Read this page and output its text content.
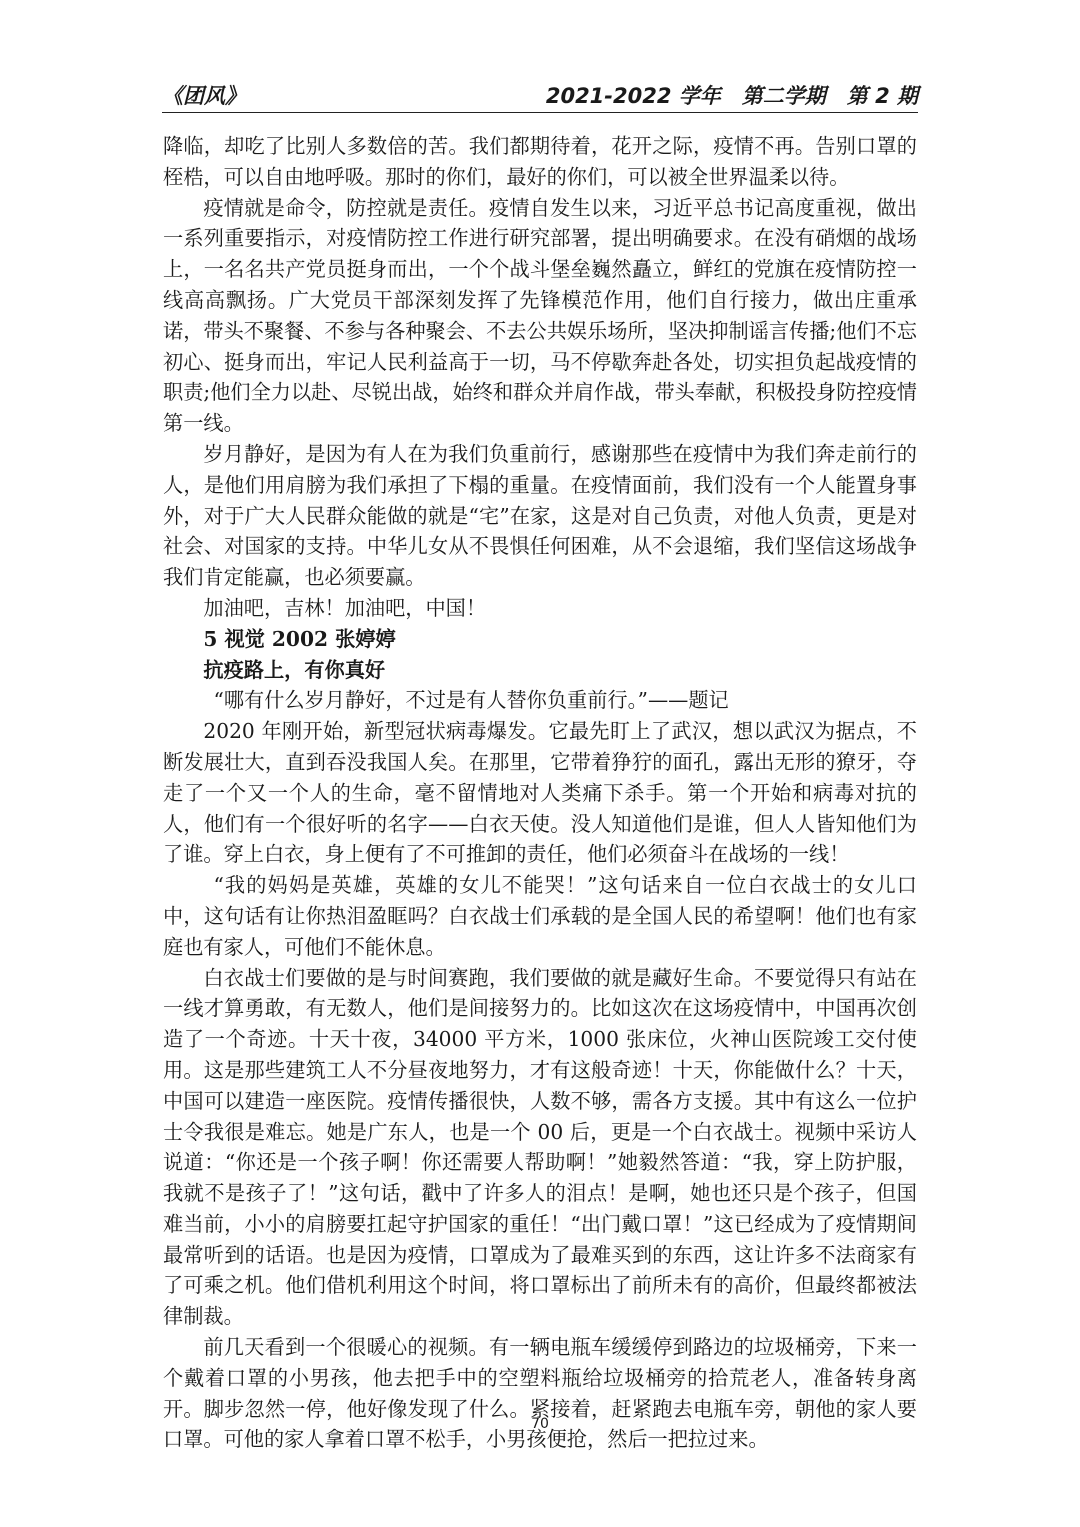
《团风》	2021-2022 学年　第二学期　第 2 期

降临，却吃了比别人多数倍的苦。我们都期待着，花开之际，疫情不再。告别口罩的桎梏，可以自由地呼吸。那时的你们，最好的你们，可以被全世界温柔以待。

疫情就是命令，防控就是责任。疫情自发生以来，习近平总书记高度重视，做出一系列重要指示，对疫情防控工作进行研究部署，提出明确要求。在没有硝烟的战场上，一名名共产党员挺身而出，一个个战斗堡垒巍然矗立，鲜红的党旗在疫情防控一线高高飘扬。广大党员干部深刻发挥了先锋模范作用，他们自行接力，做出庄重承诺，带头不聚餐、不参与各种聚会、不去公共娱乐场所，坚决抑制谣言传播;他们不忘初心、挺身而出，牢记人民利益高于一切，马不停歇奔赴各处，切实担负起战疫情的职责;他们全力以赴、尽锐出战，始终和群众并肩作战，带头奉献，积极投身防控疫情第一线。

岁月静好，是因为有人在为我们负重前行，感谢那些在疫情中为我们奔走前行的人，是他们用肩膀为我们承担了下榻的重量。在疫情面前，我们没有一个人能置身事外，对于广大人民群众能做的就是“宅”在家，这是对自己负责，对他人负责，更是对社会、对国家的支持。中华儿女从不畏惧任何困难，从不会退缩，我们坚信这场战争我们肯定能赢，也必须要赢。

加油吧，吉林！加油吧，中国！

5 视觉 2002 张婷婷

抗疫路上，有你真好

“哪有什么岁月静好，不过是有人替你负重前行。”——题记

2020 年刚开始，新型冠状病毒爆发。它最先盯上了武汉，想以武汉为据点，不断发展壮大，直到吞没我国人矣。在那里，它带着狰狞的面孔，露出无形的獠牙，夺走了一个又一个人的生命，毫不留情地对人类痛下杀手。第一个开始和病毒对抗的人，他们有一个很好听的名字——白衣天使。没人知道他们是谁，但人人皆知他们为了谁。穿上白衣，身上便有了不可推卸的责任，他们必须奋斗在战场的一线！

“我的妈妈是英雄，英雄的女儿不能哭！”这句话来自一位白衣战士的女儿口中，这句话有让你热泪盈眶吗？白衣战士们承载的是全国人民的希望啊！他们也有家庭也有家人，可他们不能休息。

白衣战士们要做的是与时间赛跑，我们要做的就是藏好生命。不要觉得只有站在一线才算勇敢，有无数人，他们是间接努力的。比如这次在这场疫情中，中国再次创造了一个奇迹。十天十夜，34000 平方米，1000 张床位，火神山医院竣工交付使用。这是那些建筑工人不分昼夜地努力，才有这般奇迹！十天，你能做什么？十天，中国可以建造一座医院。疫情传播很快，人数不够，需各方支援。其中有这么一位护士令我很是难忘。她是广东人，也是一个 00 后，更是一个白衣战士。视频中采访人说道：“你还是一个孩子啊！你还需要人帮助啊！”她毅然答道：“我，穿上防护服，我就不是孩子了！”这句话，戳中了许多人的泪点！是啊，她也还只是个孩子，但国难当前，小小的肩膀要扛起守护国家的重任！“出门戴口罩！”这已经成为了疫情期间最常听到的话语。也是因为疫情，口罩成为了最难买到的东西，这让许多不法商家有了可乘之机。他们借机利用这个时间，将口罩标出了前所未有的高价，但最终都被法律制裁。

前几天看到一个很暖心的视频。有一辆电瓶车缓缓停到路边的垃圾桶旁，下来一个戴着口罩的小男孩，他去把手中的空塑料瓶给垃圾桶旁的拾荒老人，准备转身离开。脚步忽然一停，他好像发现了什么。紧接着，赶紧跑去电瓶车旁，朝他的家人要口罩。可他的家人拿着口罩不松手，小男孩便抢，然后一把拉过来。

70
